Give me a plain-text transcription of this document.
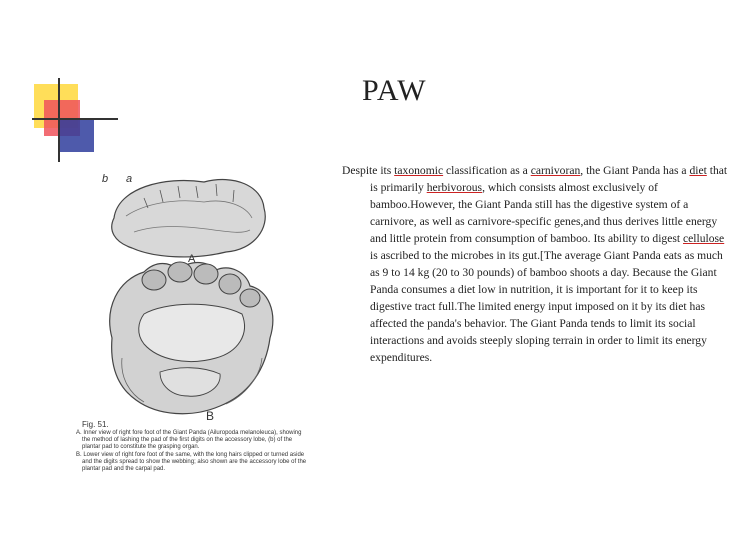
PAW
b a
A
B
Fig. 51.

A. Inner view of right fore foot of the Giant Panda (Ailuropoda melanoleuca), showing the method of lashing the pad of the first digits on the accessory lobe, (b) of the plantar pad to constitute the grasping organ.

B. Lower view of right fore foot of the same, with the long hairs clipped or turned aside and the digits spread to show the webbing; also shown are the accessory lobe of the plantar pad and the carpal pad.

Despite its taxonomic classification as a carnivoran, the Giant Panda has a diet that is primarily herbivorous, which consists almost exclusively of bamboo.However, the Giant Panda still has the digestive system of a carnivore, as well as carnivore-specific genes,and thus derives little energy and little protein from consumption of bamboo. Its ability to digest cellulose is ascribed to the microbes in its gut.[The average Giant Panda eats as much as 9 to 14 kg (20 to 30 pounds) of bamboo shoots a day. Because the Giant Panda consumes a diet low in nutrition, it is important for it to keep its digestive tract full.The limited energy input imposed on it by its diet has affected the panda's behavior. The Giant Panda tends to limit its social interactions and avoids steeply sloping terrain in order to limit its energy expenditures.
